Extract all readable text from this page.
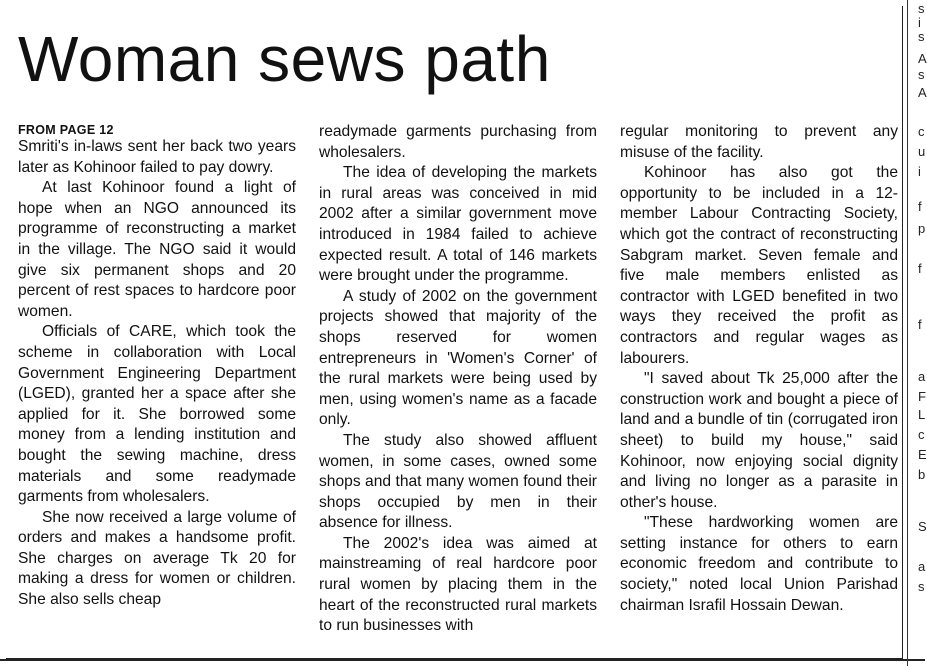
s
i
s
A
s
A
c
u
i
f
p
f
f
a
F
L
c
E
b
S
a
s
Woman sews path
FROM PAGE 12

Smriti's in-laws sent her back two years later as Kohinoor failed to pay dowry.

At last Kohinoor found a light of hope when an NGO announced its programme of reconstructing a market in the village. The NGO said it would give six permanent shops and 20 percent of rest spaces to hardcore poor women.

Officials of CARE, which took the scheme in collaboration with Local Government Engineering Department (LGED), granted her a space after she applied for it. She borrowed some money from a lending institution and bought the sewing machine, dress materials and some readymade garments from wholesalers.

She now received a large volume of orders and makes a handsome profit. She charges on average Tk 20 for making a dress for women or children. She also sells cheap

readymade garments purchasing from wholesalers.

The idea of developing the markets in rural areas was conceived in mid 2002 after a similar government move introduced in 1984 failed to achieve expected result. A total of 146 markets were brought under the programme.

A study of 2002 on the government projects showed that majority of the shops reserved for women entrepreneurs in 'Women's Corner' of the rural markets were being used by men, using women's name as a facade only.

The study also showed affluent women, in some cases, owned some shops and that many women found their shops occupied by men in their absence for illness.

The 2002's idea was aimed at mainstreaming of real hardcore poor rural women by placing them in the heart of the reconstructed rural markets to run businesses with

regular monitoring to prevent any misuse of the facility.

Kohinoor has also got the opportunity to be included in a 12-member Labour Contracting Society, which got the contract of reconstructing Sabgram market. Seven female and five male members enlisted as contractor with LGED benefited in two ways they received the profit as contractors and regular wages as labourers.

"I saved about Tk 25,000 after the construction work and bought a piece of land and a bundle of tin (corrugated iron sheet) to build my house," said Kohinoor, now enjoying social dignity and living no longer as a parasite in other's house.

"These hardworking women are setting instance for others to earn economic freedom and contribute to society," noted local Union Parishad chairman Israfil Hossain Dewan.
